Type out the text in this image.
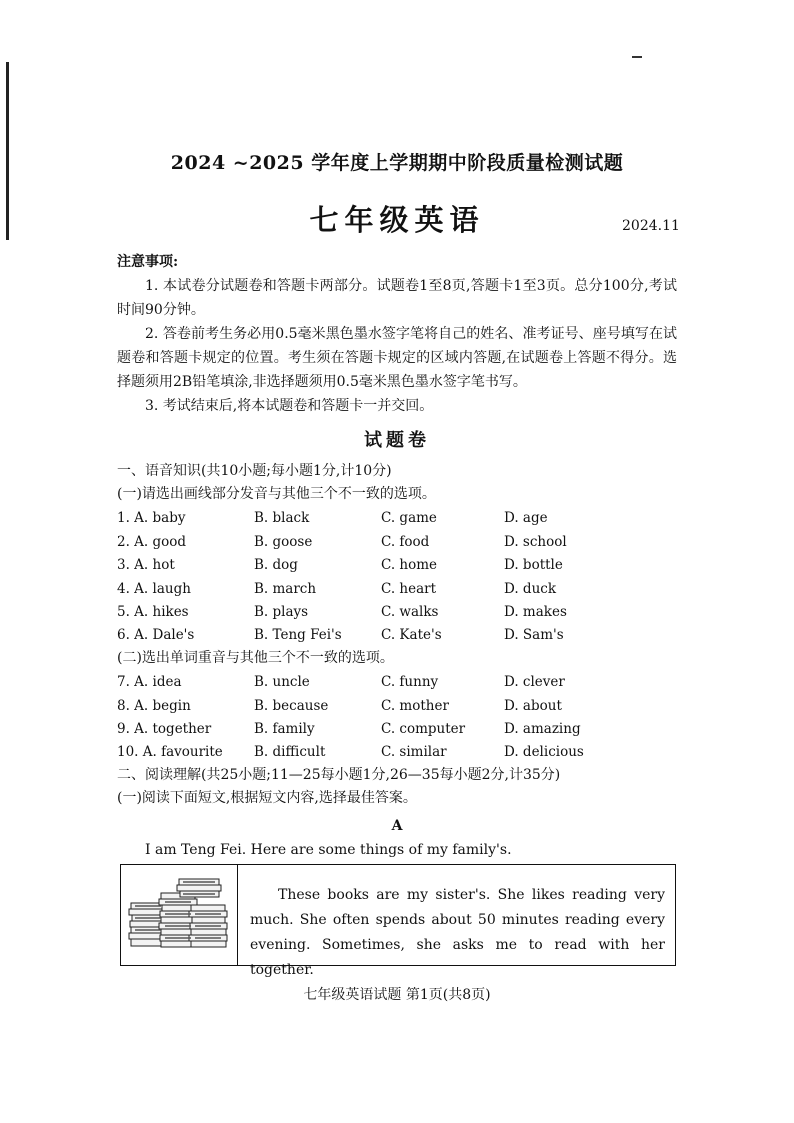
2024 ~2025 学年度上学期期中阶段质量检测试题
七年级英语	2024.11
注意事项:

1. 本试卷分试题卷和答题卡两部分。试题卷1至8页,答题卡1至3页。总分100分,考试时间90分钟。

2. 答卷前考生务必用0.5毫米黑色墨水签字笔将自己的姓名、准考证号、座号填写在试题卷和答题卡规定的位置。考生须在答题卡规定的区域内答题,在试题卷上答题不得分。选择题须用2B铅笔填涂,非选择题须用0.5毫米黑色墨水签字笔书写。

3. 考试结束后,将本试题卷和答题卡一并交回。

试题卷
一、语音知识(共10小题;每小题1分,计10分)
(一)请选出画线部分发音与其他三个不一致的选项。
1. A. baby	B. black	C. game	D. age
2. A. good	B. goose	C. food	D. school
3. A. hot	B. dog	C. home	D. bottle
4. A. laugh	B. march	C. heart	D. duck
5. A. hikes	B. plays	C. walks	D. makes
6. A. Dale's	B. Teng Fei's	C. Kate's	D. Sam's
(二)选出单词重音与其他三个不一致的选项。
7. A. idea	B. uncle	C. funny	D. clever
8. A. begin	B. because	C. mother	D. about
9. A. together	B. family	C. computer	D. amazing
10. A. favourite	B. difficult	C. similar	D. delicious
二、阅读理解(共25小题;11—25每小题1分,26—35每小题2分,计35分)
(一)阅读下面短文,根据短文内容,选择最佳答案。
A
I am Teng Fei. Here are some things of my family's.
These books are my sister's. She likes reading very much. She often spends about 50 minutes reading every evening. Sometimes, she asks me to read with her together.
七年级英语试题 第1页(共8页)
